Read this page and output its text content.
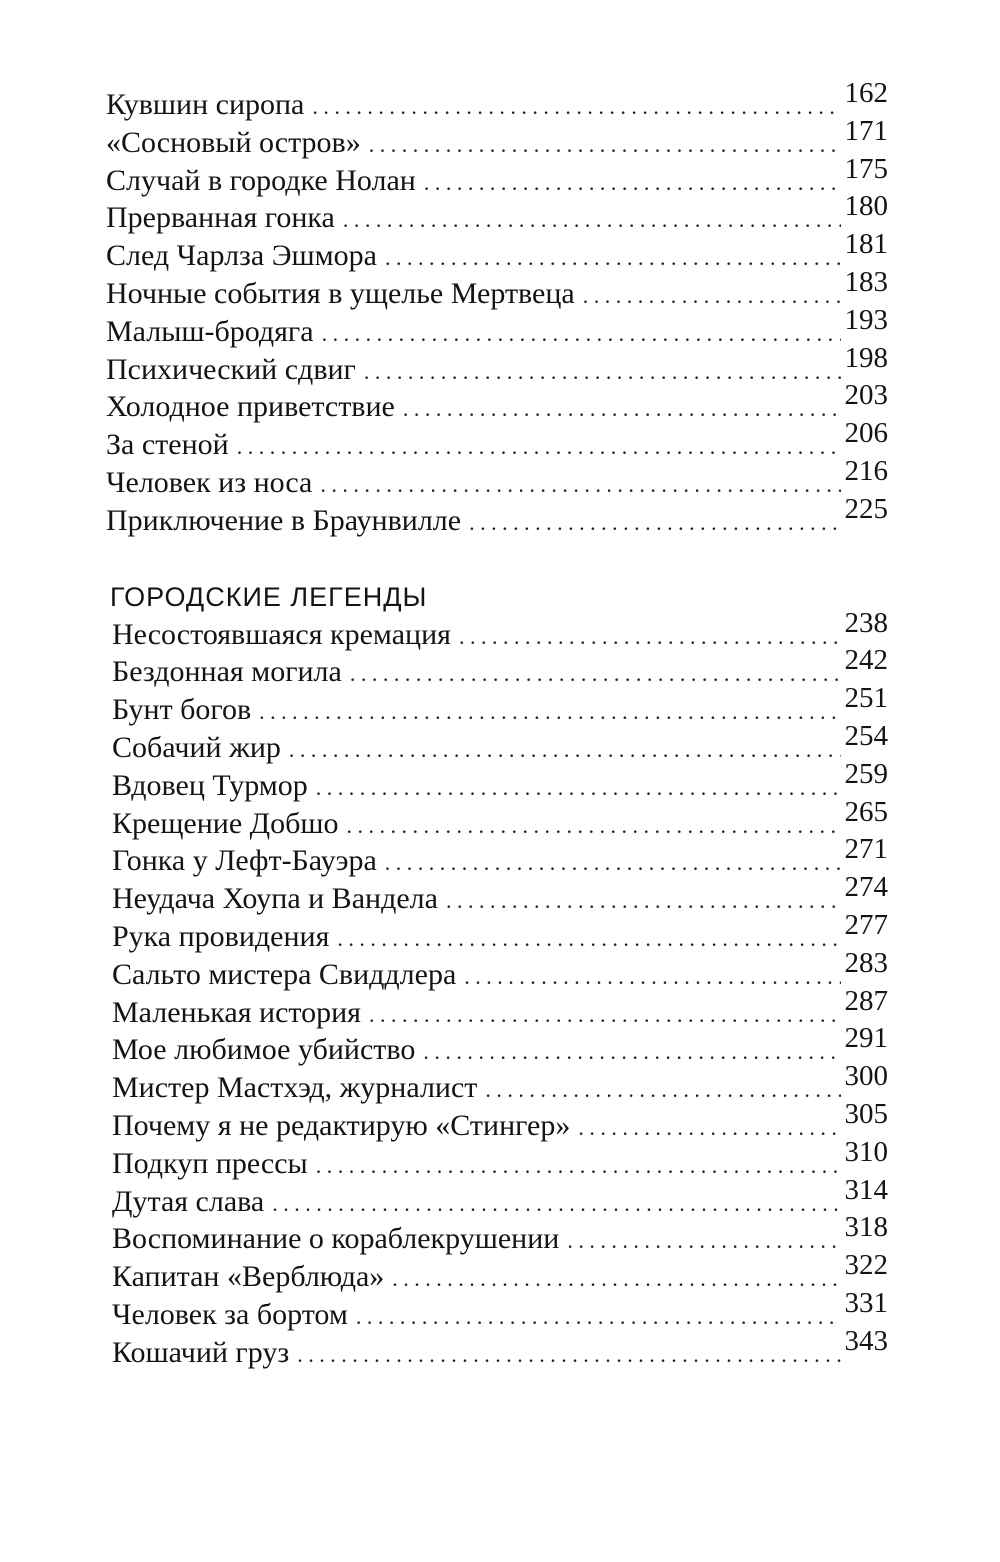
Кувшин сиропа . . .	162
«Сосновый остров» . . .	171
Случай в городке Нолан . . .	175
Прерванная гонка . . .	180
След Чарлза Эшмора . . .	181
Ночные события в ущелье Мертвеца . . .	183
Малыш-бродяга . . .	193
Психический сдвиг . . .	198
Холодное приветствие . . .	203
За стеной . . .	206
Человек из носа . . .	216
Приключение в Браунвилле . . .	225
ГОРОДСКИЕ ЛЕГЕНДЫ
Несостоявшаяся кремация . . .	238
Бездонная могила . . .	242
Бунт богов . . .	251
Собачий жир . . .	254
Вдовец Турмор . . .	259
Крещение Добшо . . .	265
Гонка у Лефт-Бауэра . . .	271
Неудача Хоупа и Вандела . . .	274
Рука провидения . . .	277
Сальто мистера Свиддлера . . .	283
Маленькая история . . .	287
Мое любимое убийство . . .	291
Мистер Мастхэд, журналист . . .	300
Почему я не редактирую «Стингер» . . .	305
Подкуп прессы . . .	310
Дутая слава . . .	314
Воспоминание о кораблекрушении . . .	318
Капитан «Верблюда» . . .	322
Человек за бортом . . .	331
Кошачий груз . . .	343
